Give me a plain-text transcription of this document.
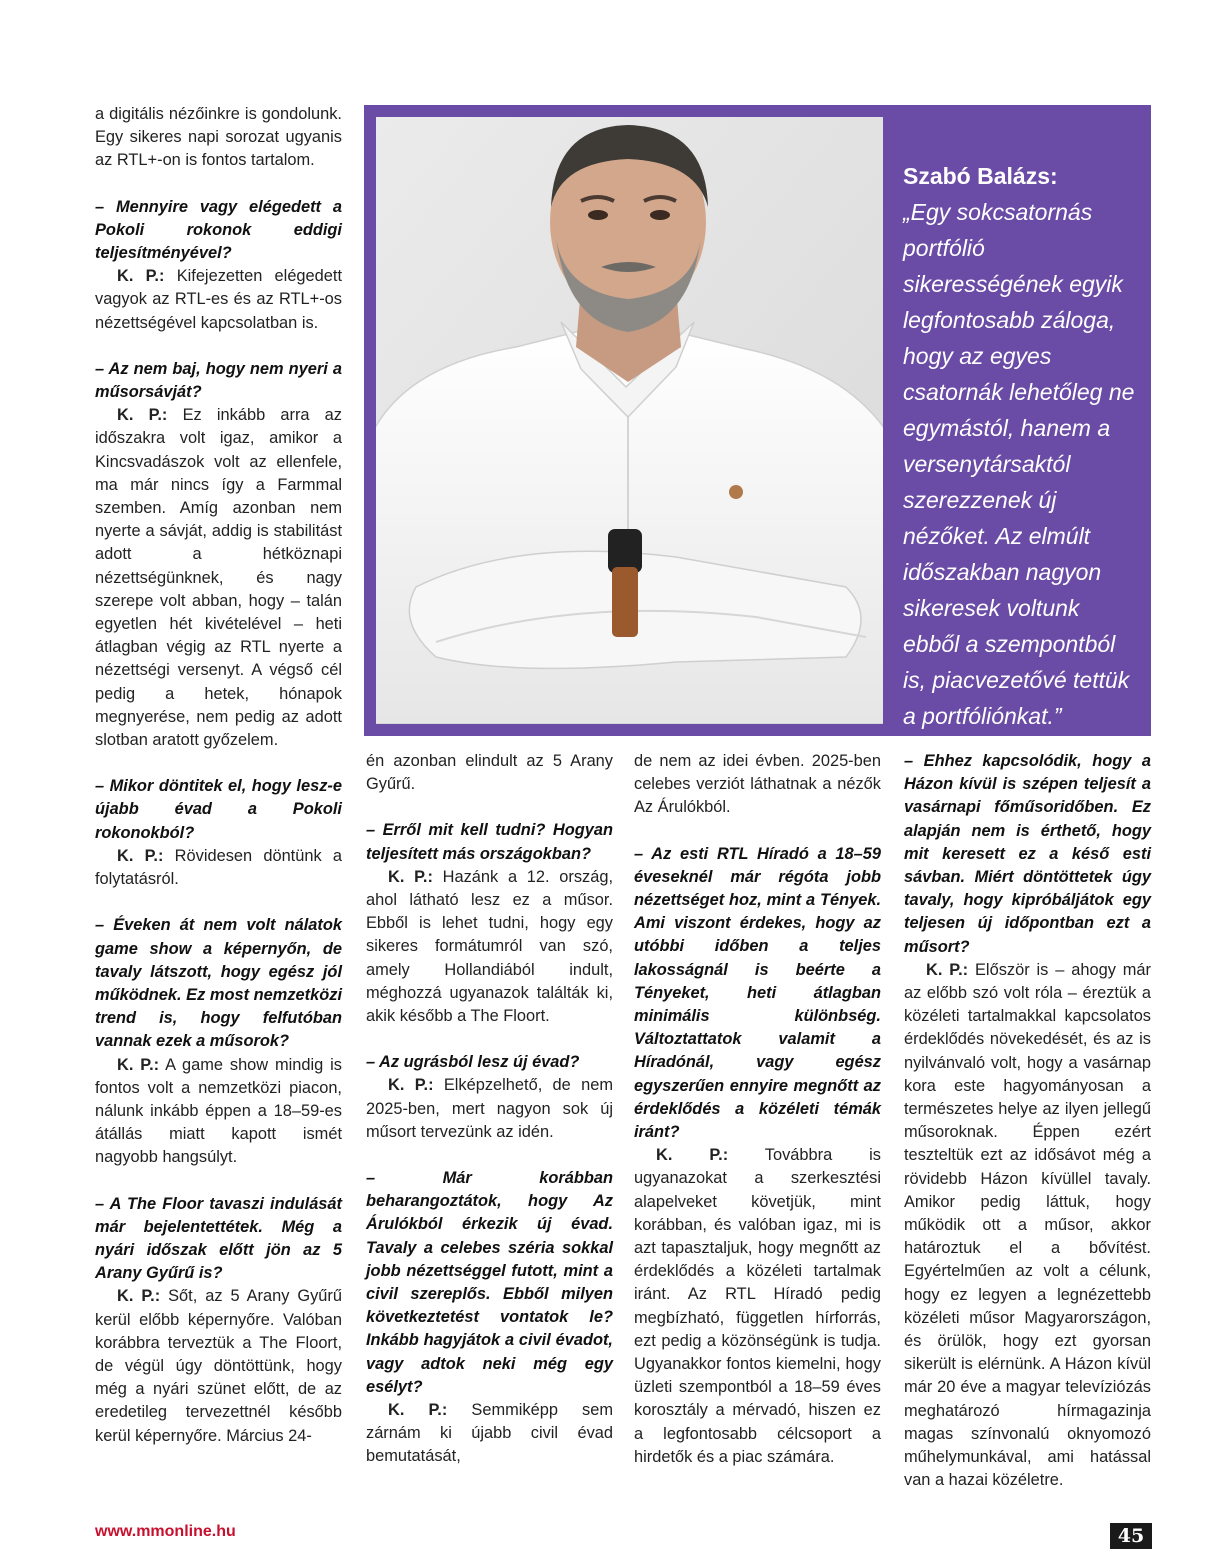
a digitális nézőinkre is gondolunk. Egy sikeres napi sorozat ugyanis az RTL+-on is fontos tartalom.

– Mennyire vagy elégedett a Pokoli rokonok eddigi teljesítményével?

K. P.: Kifejezetten elégedett vagyok az RTL-es és az RTL+-os nézettségével kapcsolatban is.

– Az nem baj, hogy nem nyeri a műsorsávját?

K. P.: Ez inkább arra az időszakra volt igaz, amikor a Kincsvadászok volt az ellenfele, ma már nincs így a Farmmal szemben. Amíg azonban nem nyerte a sávját, addig is stabilitást adott a hétköznapi nézettségünknek, és nagy szerepe volt abban, hogy – talán egyetlen hét kivételével – heti átlagban végig az RTL nyerte a nézettségi versenyt. A végső cél pedig a hetek, hónapok megnyerése, nem pedig az adott slotban aratott győzelem.

– Mikor döntitek el, hogy lesz-e újabb évad a Pokoli rokonokból?

K. P.: Rövidesen döntünk a folytatásról.

– Éveken át nem volt nálatok game show a képernyőn, de tavaly látszott, hogy egész jól működnek. Ez most nemzetközi trend is, hogy felfutóban vannak ezek a műsorok?

K. P.: A game show mindig is fontos volt a nemzetközi piacon, nálunk inkább éppen a 18–59-es átállás miatt kapott ismét nagyobb hangsúlyt.

– A The Floor tavaszi indulását már bejelentettétek. Még a nyári időszak előtt jön az 5 Arany Gyűrű is?

K. P.: Sőt, az 5 Arany Gyűrű kerül előbb képernyőre. Valóban korábbra terveztük a The Floort, de végül úgy döntöttünk, hogy még a nyári szünet előtt, de az eredetileg tervezettnél később kerül képernyőre. Március 24-

Szabó Balázs:
„Egy sokcsatornás portfólió sikerességének egyik legfontosabb záloga, hogy az egyes csatornák lehetőleg ne egymástól, hanem a versenytársaktól szerezzenek új nézőket. Az elmúlt időszakban nagyon sikeresek voltunk ebből a szempontból is, piacvezetővé tettük a portfóliónkat.”

én azonban elindult az 5 Arany Gyűrű.

– Erről mit kell tudni? Hogyan teljesített más országokban?

K. P.: Hazánk a 12. ország, ahol látható lesz ez a műsor. Ebből is lehet tudni, hogy egy sikeres formátumról van szó, amely Hollandiából indult, méghozzá ugyanazok találták ki, akik később a The Floort.

– Az ugrásból lesz új évad?

K. P.: Elképzelhető, de nem 2025-ben, mert nagyon sok új műsort tervezünk az idén.

– Már korábban beharangoztátok, hogy Az Árulókból érkezik új évad. Tavaly a celebes széria sokkal jobb nézettséggel futott, mint a civil szereplős. Ebből milyen következtetést vontatok le? Inkább hagyjátok a civil évadot, vagy adtok neki még egy esélyt?

K. P.: Semmiképp sem zárnám ki újabb civil évad bemutatását,

de nem az idei évben. 2025-ben celebes verziót láthatnak a nézők Az Árulókból.

– Az esti RTL Híradó a 18–59 éveseknél már régóta jobb nézettséget hoz, mint a Tények. Ami viszont érdekes, hogy az utóbbi időben a teljes lakosságnál is beérte a Tényeket, heti átlagban minimális különbség. Változtattatok valamit a Híradónál, vagy egész egyszerűen ennyire megnőtt az érdeklődés a közéleti témák iránt?

K. P.: Továbbra is ugyanazokat a szerkesztési alapelveket követjük, mint korábban, és valóban igaz, mi is azt tapasztaljuk, hogy megnőtt az érdeklődés a közéleti tartalmak iránt. Az RTL Híradó pedig megbízható, független hírforrás, ezt pedig a közönségünk is tudja. Ugyanakkor fontos kiemelni, hogy üzleti szempontból a 18–59 éves korosztály a mérvadó, hiszen ez a legfontosabb célcsoport a hirdetők és a piac számára.

– Ehhez kapcsolódik, hogy a Házon kívül is szépen teljesít a vasárnapi főműsoridőben. Ez alapján nem is érthető, hogy mit keresett ez a késő esti sávban. Miért döntöttetek úgy tavaly, hogy kipróbáljátok egy teljesen új időpontban ezt a műsort?

K. P.: Először is – ahogy már az előbb szó volt róla – éreztük a közéleti tartalmakkal kapcsolatos érdeklődés növekedését, és az is nyilvánvaló volt, hogy a vasárnap kora este hagyományosan a természetes helye az ilyen jellegű műsoroknak. Éppen ezért teszteltük ezt az idősávot még a rövidebb Házon kívüllel tavaly. Amikor pedig láttuk, hogy működik ott a műsor, akkor határoztuk el a bővítést. Egyértelműen az volt a célunk, hogy ez legyen a legnézettebb közéleti műsor Magyarországon, és örülök, hogy ezt gyorsan sikerült is elérnünk. A Házon kívül már 20 éve a magyar televíziózás meghatározó hírmagazinja magas színvonalú oknyomozó műhelymunkával, ami hatással van a hazai közéletre.

www.mmonline.hu	45
